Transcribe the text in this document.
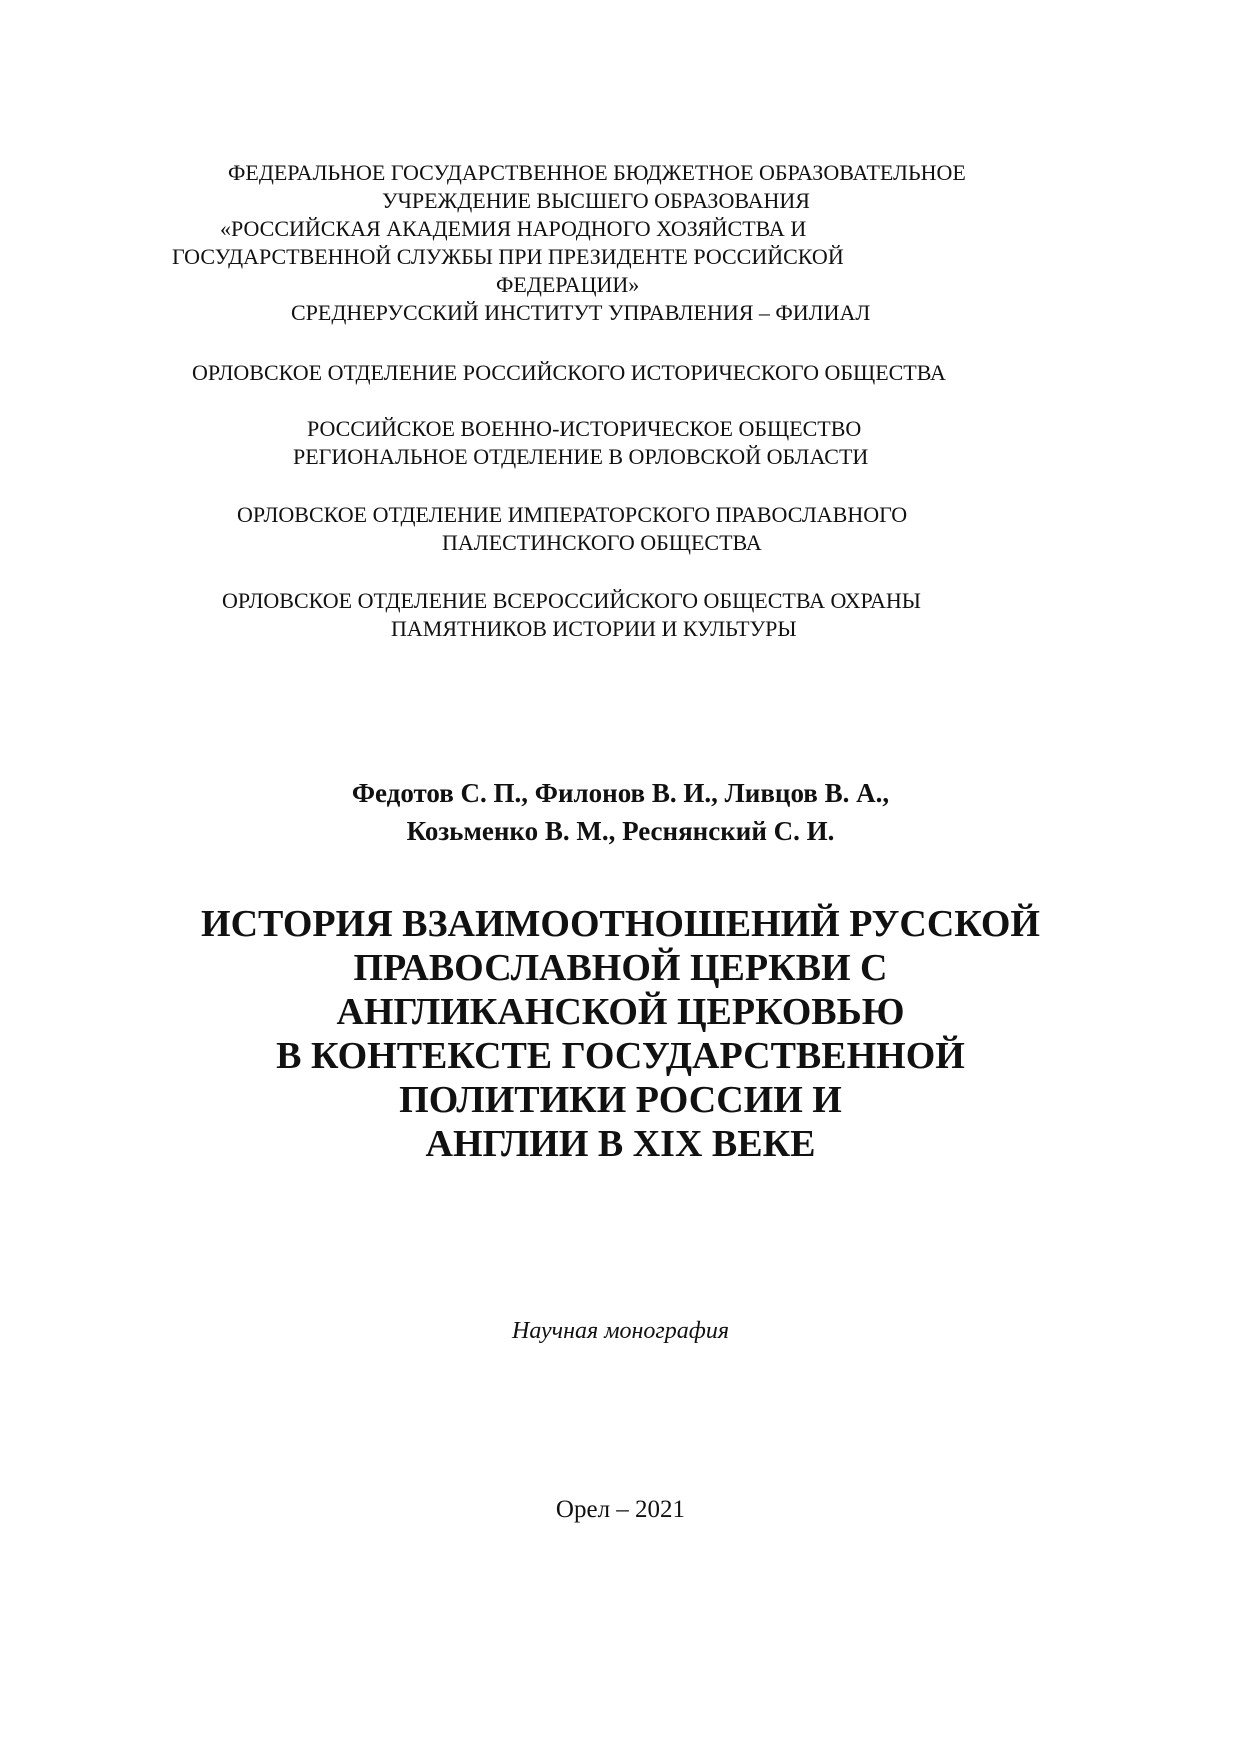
ФЕДЕРАЛЬНОЕ ГОСУДАРСТВЕННОЕ БЮДЖЕТНОЕ ОБРАЗОВАТЕЛЬНОЕ

УЧРЕЖДЕНИЕ ВЫСШЕГО ОБРАЗОВАНИЯ

«РОССИЙСКАЯ АКАДЕМИЯ НАРОДНОГО ХОЗЯЙСТВА И

ГОСУДАРСТВЕННОЙ СЛУЖБЫ ПРИ ПРЕЗИДЕНТЕ РОССИЙСКОЙ

ФЕДЕРАЦИИ»

СРЕДНЕРУССКИЙ ИНСТИТУТ УПРАВЛЕНИЯ – ФИЛИАЛ

ОРЛОВСКОЕ ОТДЕЛЕНИЕ РОССИЙСКОГО ИСТОРИЧЕСКОГО ОБЩЕСТВА

РОССИЙСКОЕ ВОЕННО-ИСТОРИЧЕСКОЕ ОБЩЕСТВО

РЕГИОНАЛЬНОЕ ОТДЕЛЕНИЕ В ОРЛОВСКОЙ ОБЛАСТИ

ОРЛОВСКОЕ ОТДЕЛЕНИЕ ИМПЕРАТОРСКОГО ПРАВОСЛАВНОГО

ПАЛЕСТИНСКОГО ОБЩЕСТВА

ОРЛОВСКОЕ ОТДЕЛЕНИЕ ВСЕРОССИЙСКОГО ОБЩЕСТВА ОХРАНЫ

ПАМЯТНИКОВ ИСТОРИИ И КУЛЬТУРЫ

Федотов С. П., Филонов В. И., Ливцов В. А.,

Козьменко В. М., Реснянский С. И.

ИСТОРИЯ ВЗАИМООТНОШЕНИЙ РУССКОЙ

ПРАВОСЛАВНОЙ ЦЕРКВИ С

АНГЛИКАНСКОЙ ЦЕРКОВЬЮ

В КОНТЕКСТЕ ГОСУДАРСТВЕННОЙ

ПОЛИТИКИ РОССИИ И

АНГЛИИ В XIX ВЕКЕ

Научная монография

Орел – 2021
